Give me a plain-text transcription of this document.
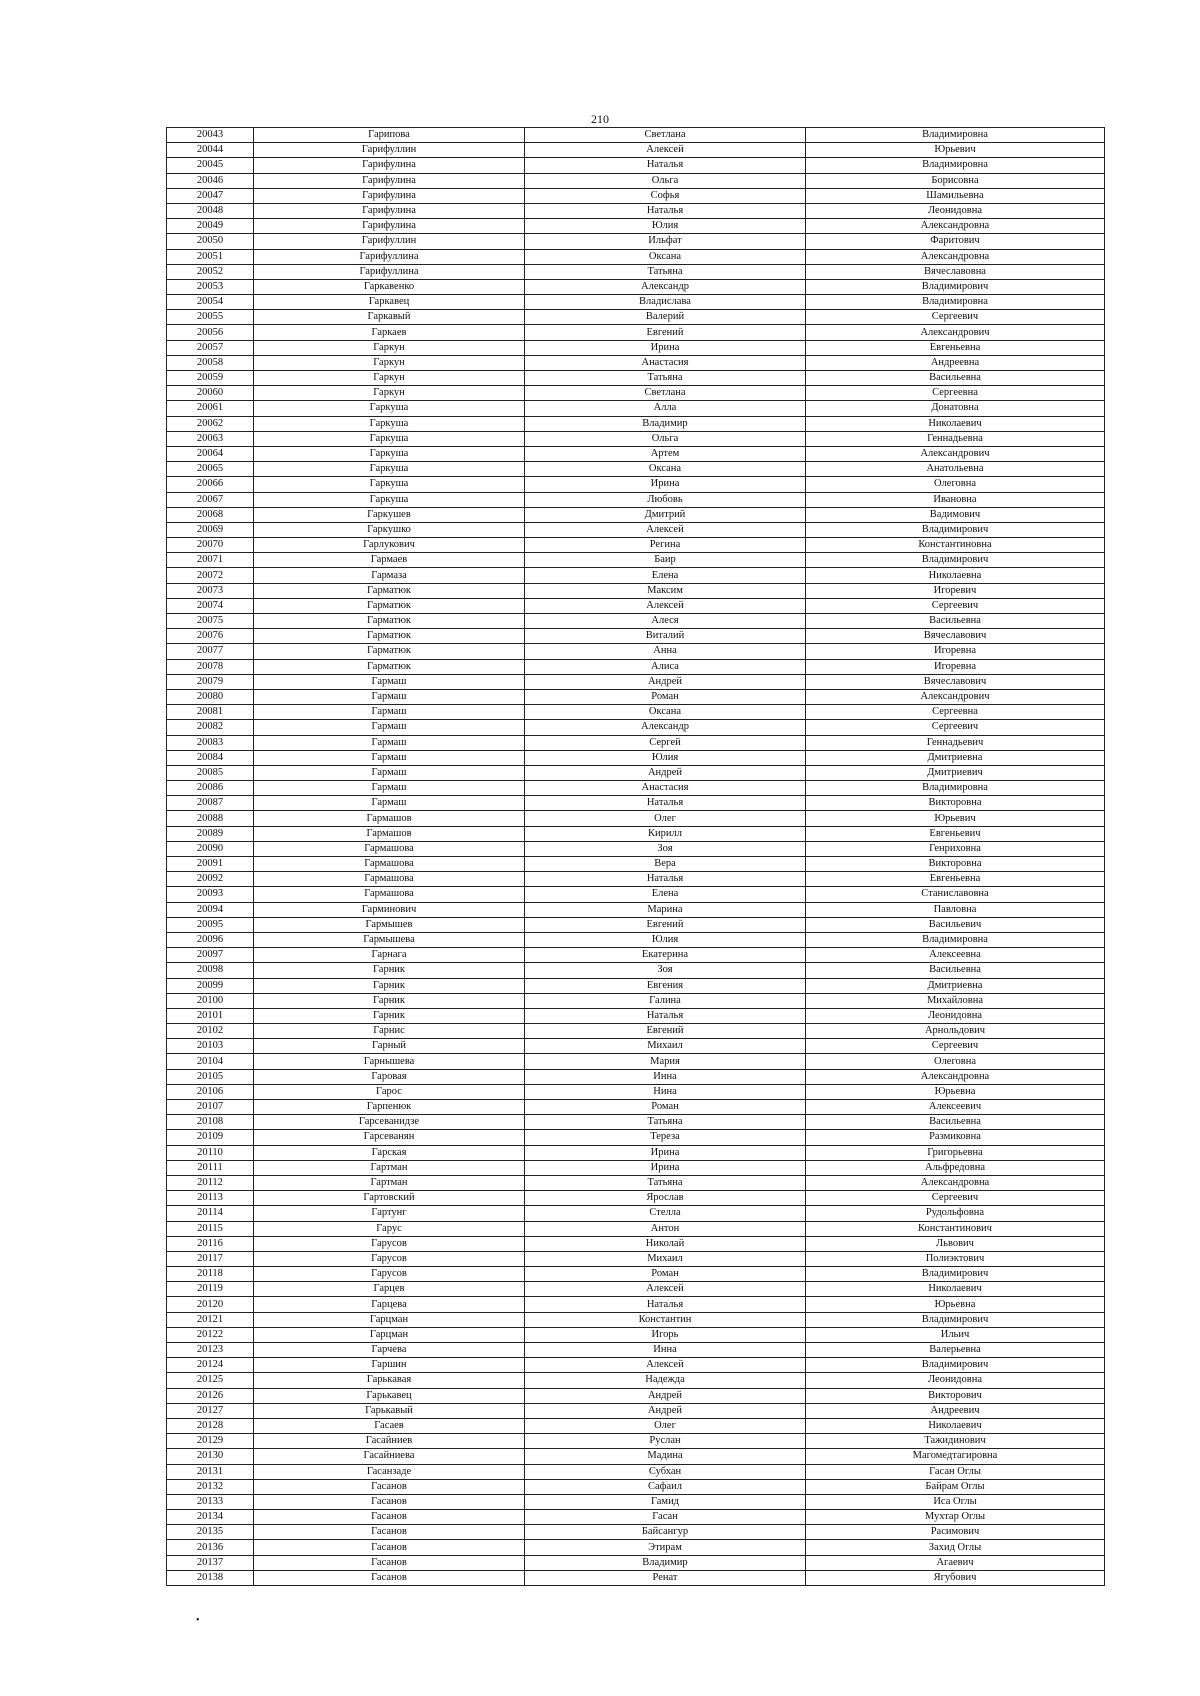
210
20043	Гарипова	Светлана	Владимировна
20044	Гарифуллин	Алексей	Юрьевич
20045	Гарифулина	Наталья	Владимировна
20046	Гарифулина	Ольга	Борисовна
20047	Гарифулина	Софья	Шамильевна
20048	Гарифулина	Наталья	Леонидовна
20049	Гарифулина	Юлия	Александровна
20050	Гарифуллин	Ильфат	Фаритович
20051	Гарифуллина	Оксана	Александровна
20052	Гарифуллина	Татьяна	Вячеславовна
20053	Гаркавенко	Александр	Владимирович
20054	Гаркавец	Владислава	Владимировна
20055	Гаркавый	Валерий	Сергеевич
20056	Гаркаев	Евгений	Александрович
20057	Гаркун	Ирина	Евгеньевна
20058	Гаркун	Анастасия	Андреевна
20059	Гаркун	Татьяна	Васильевна
20060	Гаркун	Светлана	Сергеевна
20061	Гаркуша	Алла	Донатовна
20062	Гаркуша	Владимир	Николаевич
20063	Гаркуша	Ольга	Геннадьевна
20064	Гаркуша	Артем	Александрович
20065	Гаркуша	Оксана	Анатольевна
20066	Гаркуша	Ирина	Олеговна
20067	Гаркуша	Любовь	Ивановна
20068	Гаркушев	Дмитрий	Вадимович
20069	Гаркушко	Алексей	Владимирович
20070	Гарлукович	Регина	Константиновна
20071	Гармаев	Баир	Владимирович
20072	Гармаза	Елена	Николаевна
20073	Гарматюк	Максим	Игоревич
20074	Гарматюк	Алексей	Сергеевич
20075	Гарматюк	Алеся	Васильевна
20076	Гарматюк	Виталий	Вячеславович
20077	Гарматюк	Анна	Игоревна
20078	Гарматюк	Алиса	Игоревна
20079	Гармаш	Андрей	Вячеславович
20080	Гармаш	Роман	Александрович
20081	Гармаш	Оксана	Сергеевна
20082	Гармаш	Александр	Сергеевич
20083	Гармаш	Сергей	Геннадьевич
20084	Гармаш	Юлия	Дмитриевна
20085	Гармаш	Андрей	Дмитриевич
20086	Гармаш	Анастасия	Владимировна
20087	Гармаш	Наталья	Викторовна
20088	Гармашов	Олег	Юрьевич
20089	Гармашов	Кирилл	Евгеньевич
20090	Гармашова	Зоя	Генриховна
20091	Гармашова	Вера	Викторовна
20092	Гармашова	Наталья	Евгеньевна
20093	Гармашова	Елена	Станиславовна
20094	Гарминович	Марина	Павловна
20095	Гармышев	Евгений	Васильевич
20096	Гармышева	Юлия	Владимировна
20097	Гарнага	Екатерина	Алексеевна
20098	Гарник	Зоя	Васильевна
20099	Гарник	Евгения	Дмитриевна
20100	Гарник	Галина	Михайловна
20101	Гарник	Наталья	Леонидовна
20102	Гарнис	Евгений	Арнольдович
20103	Гарный	Михаил	Сергеевич
20104	Гарнышева	Мария	Олеговна
20105	Гаровая	Инна	Александровна
20106	Гарос	Нина	Юрьевна
20107	Гарпенюк	Роман	Алексеевич
20108	Гарсеванидзе	Татьяна	Васильевна
20109	Гарсеванян	Тереза	Размиковна
20110	Гарская	Ирина	Григорьевна
20111	Гартман	Ирина	Альфредовна
20112	Гартман	Татьяна	Александровна
20113	Гартовский	Ярослав	Сергеевич
20114	Гартунг	Стелла	Рудольфовна
20115	Гарус	Антон	Константинович
20116	Гарусов	Николай	Львович
20117	Гарусов	Михаил	Полиэктович
20118	Гарусов	Роман	Владимирович
20119	Гарцев	Алексей	Николаевич
20120	Гарцева	Наталья	Юрьевна
20121	Гарцман	Константин	Владимирович
20122	Гарцман	Игорь	Ильич
20123	Гарчева	Инна	Валерьевна
20124	Гаршин	Алексей	Владимирович
20125	Гарькавая	Надежда	Леонидовна
20126	Гарькавец	Андрей	Викторович
20127	Гарькавый	Андрей	Андреевич
20128	Гасаев	Олег	Николаевич
20129	Гасайниев	Руслан	Тажидинович
20130	Гасайниева	Мадина	Магомедтагировна
20131	Гасанзаде	Субхан	Гасан Оглы
20132	Гасанов	Сафаил	Байрам Оглы
20133	Гасанов	Гамид	Иса Оглы
20134	Гасанов	Гасан	Мухтар Оглы
20135	Гасанов	Байсангур	Расимович
20136	Гасанов	Этирам	Захид Оглы
20137	Гасанов	Владимир	Агаевич
20138	Гасанов	Ренат	Ягубович
•
